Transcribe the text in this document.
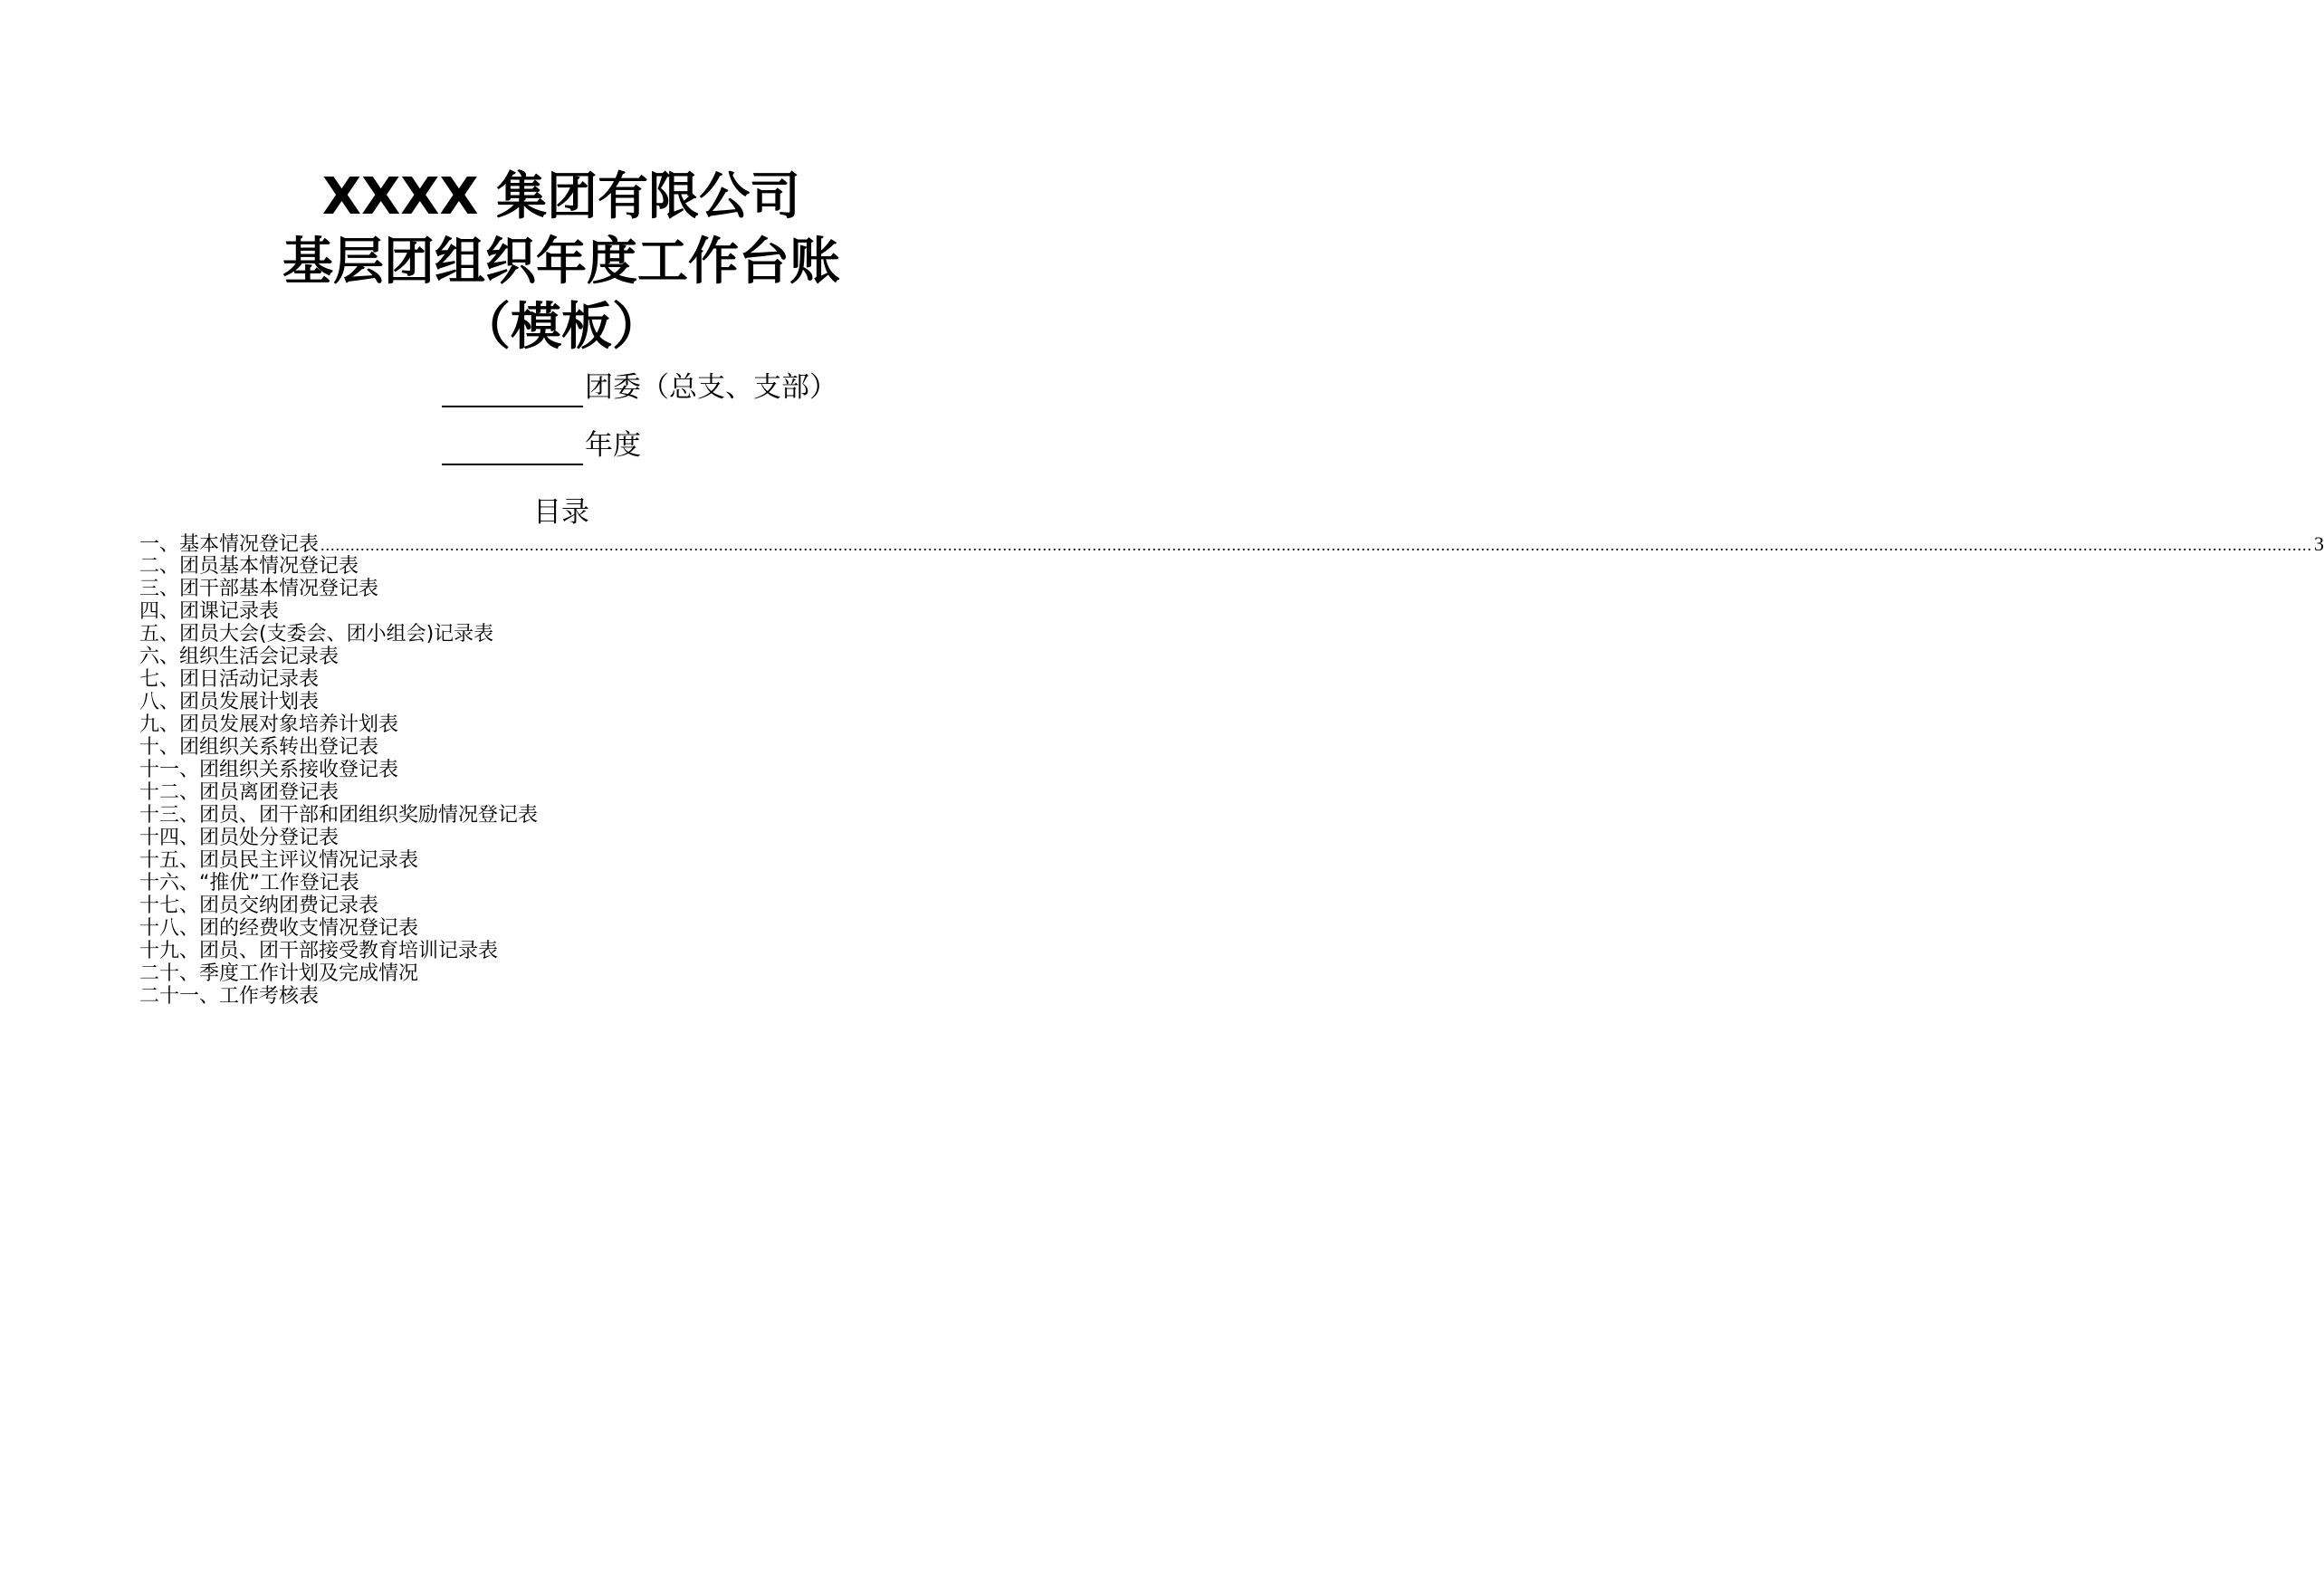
XXXX 集团有限公司
基层团组织年度工作台账
（模板）
团委（总支、支部）
年度
目录
一、基本情况登记表 ................................................................................................................................................................................................................................................................................................................................................................................................................ 3
二、团员基本情况登记表
三、团干部基本情况登记表
四、团课记录表
五、团员大会(支委会、团小组会)记录表
六、组织生活会记录表
七、团日活动记录表
八、团员发展计划表
九、团员发展对象培养计划表
十、团组织关系转出登记表
十一、团组织关系接收登记表
十二、团员离团登记表
十三、团员、团干部和团组织奖励情况登记表
十四、团员处分登记表
十五、团员民主评议情况记录表
十六、“推优”工作登记表
十七、团员交纳团费记录表
十八、团的经费收支情况登记表
十九、团员、团干部接受教育培训记录表
二十、季度工作计划及完成情况
二十一、工作考核表
